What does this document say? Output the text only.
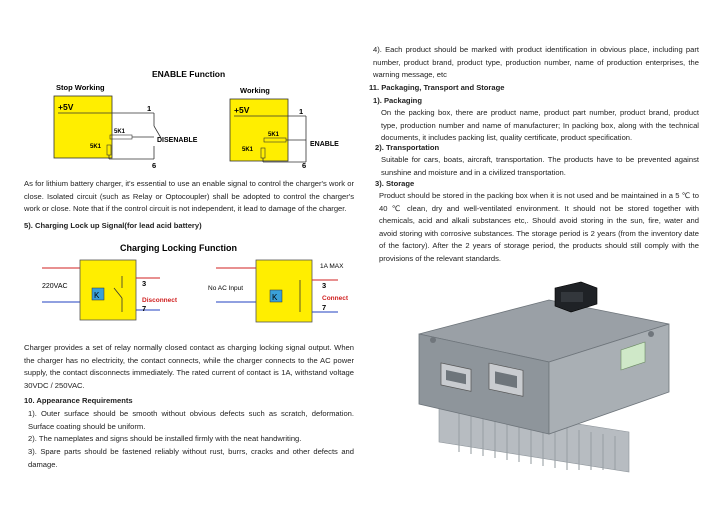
ENABLE Function
Stop Working
+5V	1
5K1
DISENABLE
5K1
6
Working
+5V	1
5K1
ENABLE
5K1
6
As for lithium battery charger, it's essential to use an enable signal to control the charger's work or close. Isolated circuit (such as Relay or Optocoupler) shall be adopted to control the charger's work or close. Note that if the control circuit is not independent, it lead to damage of the charger.
5). Charging Lock up Signal(for lead acid battery)
Charging Locking Function
220VAC
K
3
Disconnect
7
No AC Input
K
1A MAX
3
Connect
7
Charger provides a set of relay normally closed contact as charging locking signal output. When the charger has no electricity, the contact connects, while the charger connects to the AC power supply, the contact disconnects immediately. The rated current of contact is 1A, withstand voltage 30VDC / 250VAC.
10. Appearance Requirements
1). Outer surface should be smooth without obvious defects such as scratch, deformation. Surface coating should be uniform.
2). The nameplates and signs should be installed firmly with the neat handwriting.
3). Spare parts should be fastened reliably without rust, burrs, cracks and other defects and damage.
4). Each product should be marked with product identification in obvious place, including part number, product brand, product type, production number, name of production enterprises, the warning message, etc
11. Packaging, Transport and Storage
1). Packaging
On the packing box, there are product name, product part number, product brand, product type, production number and name of manufacturer; In packing box, along with the technical documents, it includes packing list, quality certificate, product specification.
2). Transportation
Suitable for cars, boats, aircraft, transportation. The products have to be prevented against sunshine and moisture and in a civilized transportation.
3). Storage
Product should be stored in the packing box when it is not used and be maintained in a 5 ℃ to 40 ℃ clean, dry and well-ventilated environment. It should not be stored together with chemicals, acid and alkali substances etc,. Should avoid storing in the sun, fire, water and avoid storing with corrosive substances. The storage period is 2 years (from the inventory date of the factory). After the 2 years of storage period, the products should still comply with the provisions of the relevant standards.
